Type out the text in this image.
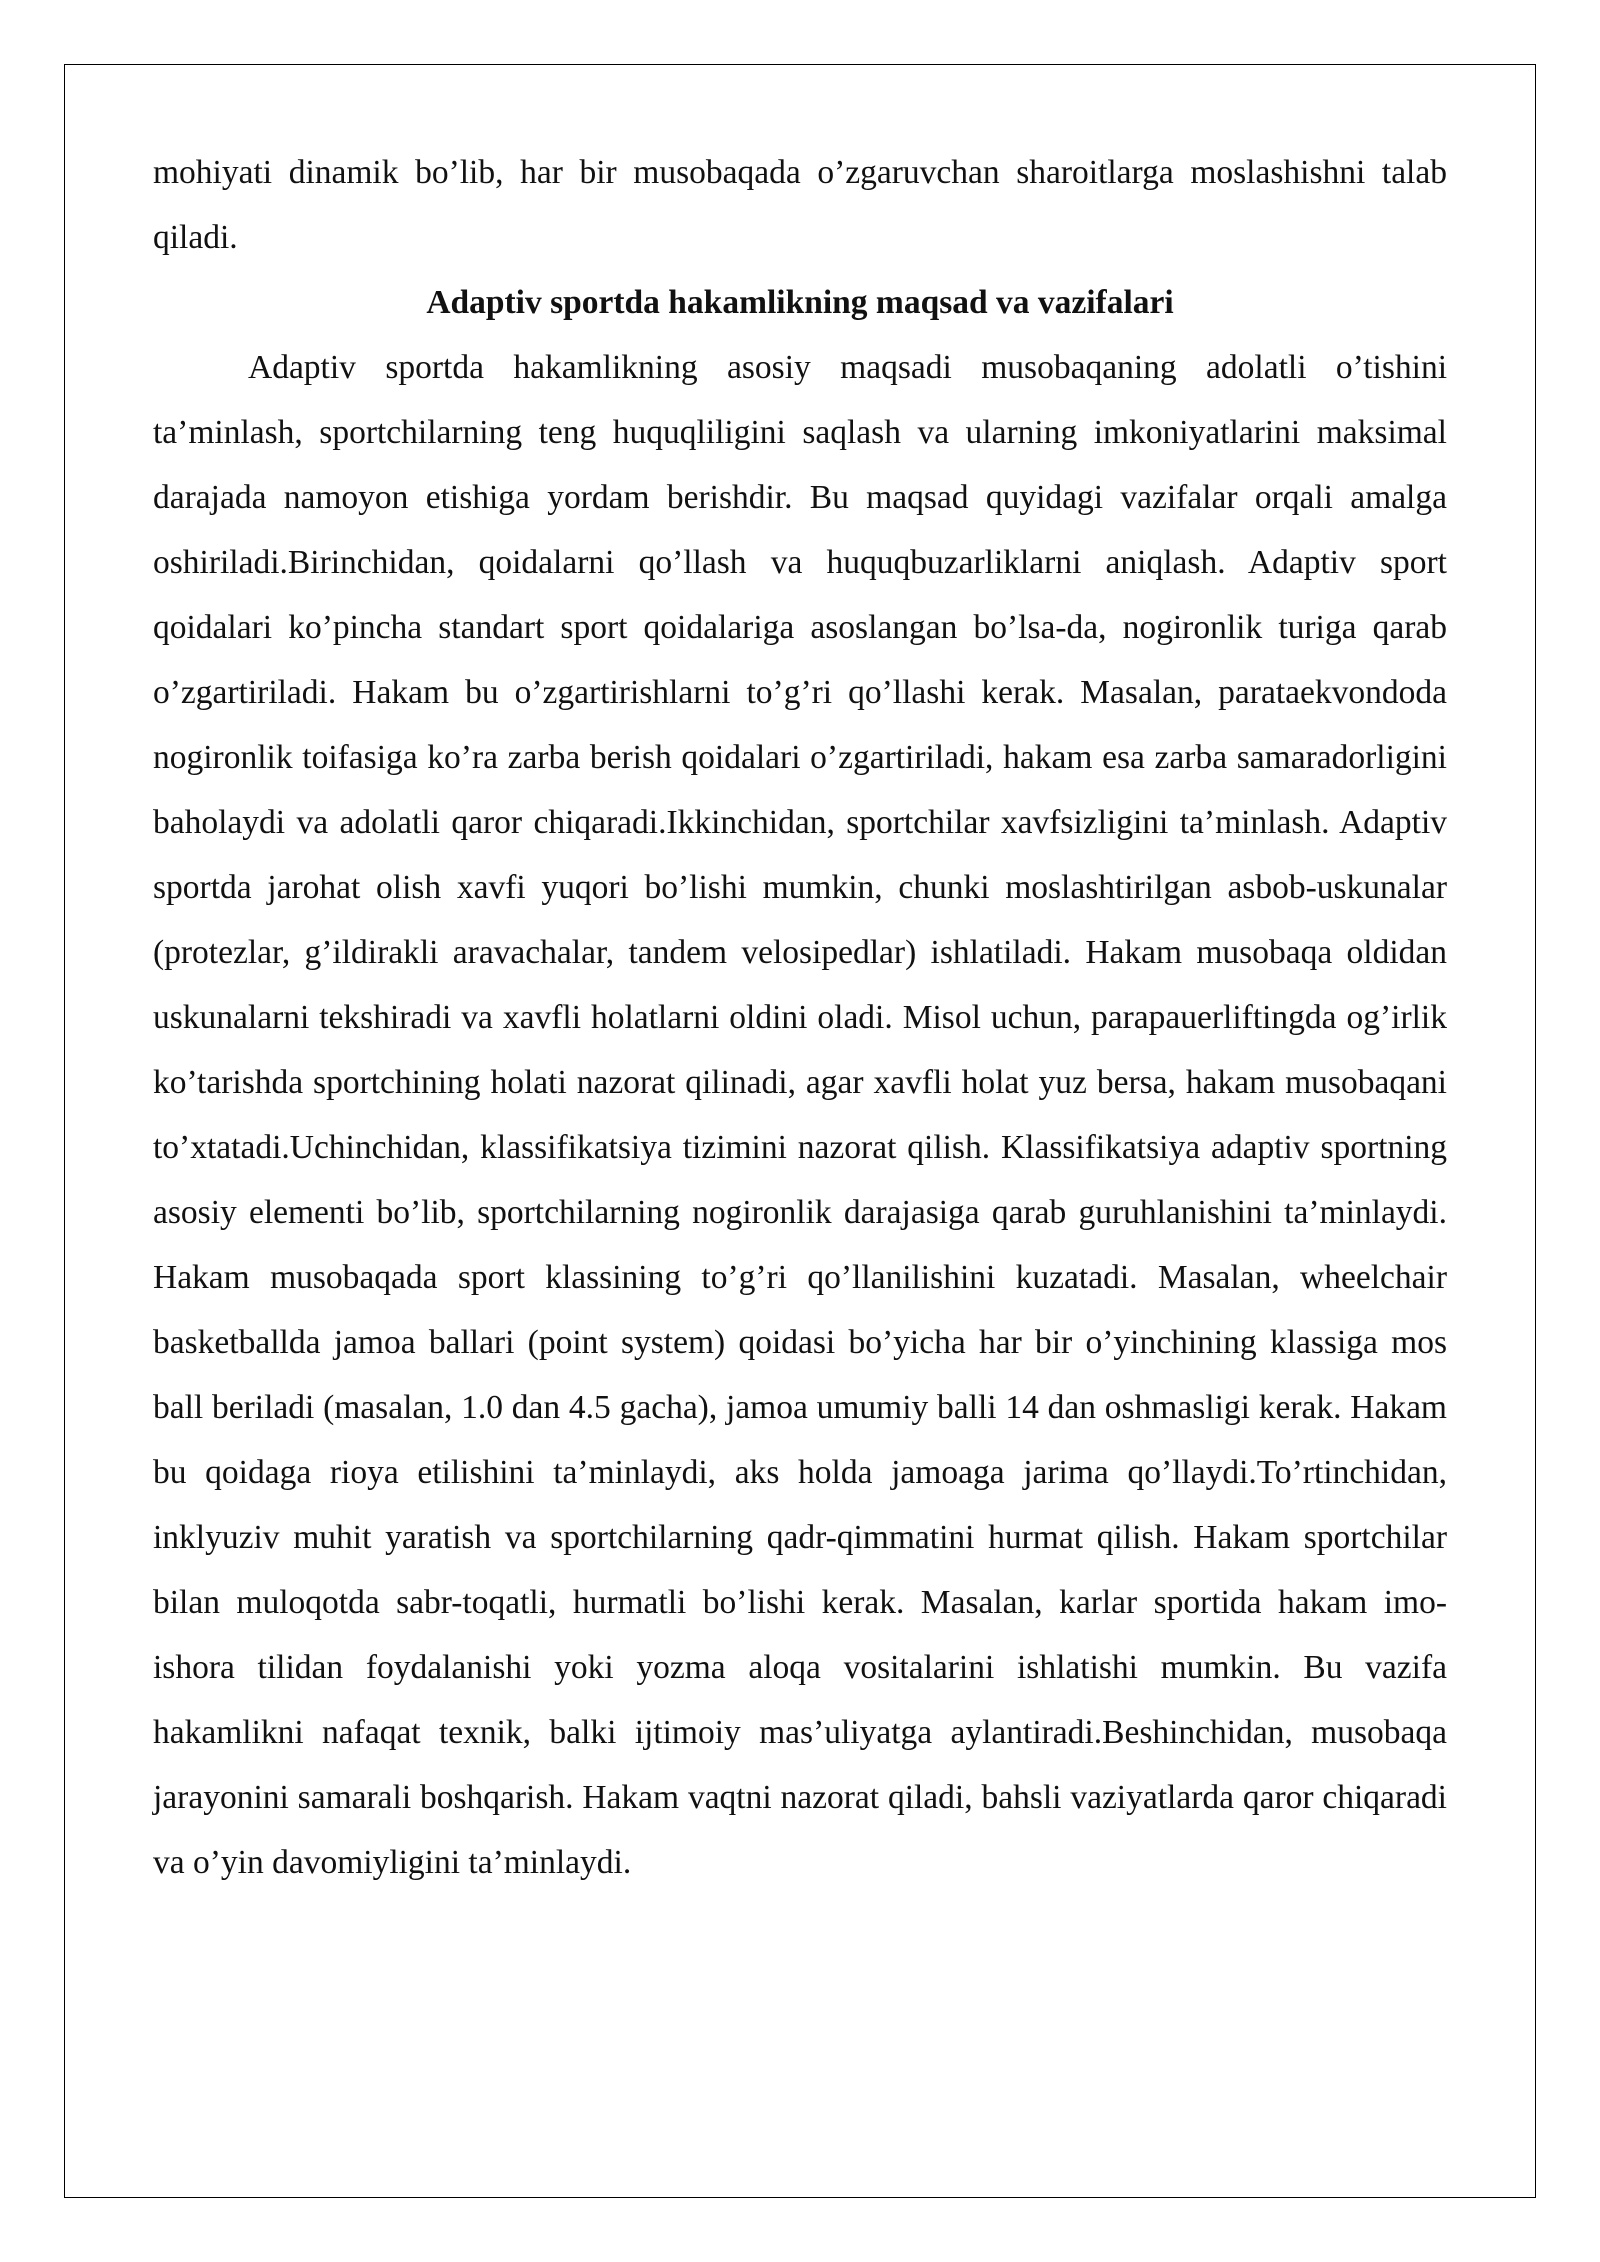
mohiyati dinamik bo’lib, har bir musobaqada o’zgaruvchan sharoitlarga moslashishni talab qiladi.

Adaptiv sportda hakamlikning maqsad va vazifalari

Adaptiv sportda hakamlikning asosiy maqsadi musobaqaning adolatli o’tishini ta’minlash, sportchilarning teng huquqliligini saqlash va ularning imkoniyatlarini maksimal darajada namoyon etishiga yordam berishdir. Bu maqsad quyidagi vazifalar orqali amalga oshiriladi.Birinchidan, qoidalarni qo’llash va huquqbuzarliklarni aniqlash. Adaptiv sport qoidalari ko’pincha standart sport qoidalariga asoslangan bo’lsa-da, nogironlik turiga qarab o’zgartiriladi. Hakam bu o’zgartirishlarni to’g’ri qo’llashi kerak. Masalan, parataekvondoda nogironlik toifasiga ko’ra zarba berish qoidalari o’zgartiriladi, hakam esa zarba samaradorligini baholaydi va adolatli qaror chiqaradi.Ikkinchidan, sportchilar xavfsizligini ta’minlash. Adaptiv sportda jarohat olish xavfi yuqori bo’lishi mumkin, chunki moslashtirilgan asbob-uskunalar (protezlar, g’ildirakli aravachalar, tandem velosipedlar) ishlatiladi. Hakam musobaqa oldidan uskunalarni tekshiradi va xavfli holatlarni oldini oladi. Misol uchun, parapauerliftingda og’irlik ko’tarishda sportchining holati nazorat qilinadi, agar xavfli holat yuz bersa, hakam musobaqani to’xtatadi.Uchinchidan, klassifikatsiya tizimini nazorat qilish. Klassifikatsiya adaptiv sportning asosiy elementi bo’lib, sportchilarning nogironlik darajasiga qarab guruhlanishini ta’minlaydi. Hakam musobaqada sport klassining to’g’ri qo’llanilishini kuzatadi. Masalan, wheelchair basketballda jamoa ballari (point system) qoidasi bo’yicha har bir o’yinchining klassiga mos ball beriladi (masalan, 1.0 dan 4.5 gacha), jamoa umumiy balli 14 dan oshmasligi kerak. Hakam bu qoidaga rioya etilishini ta’minlaydi, aks holda jamoaga jarima qo’llaydi.To’rtinchidan, inklyuziv muhit yaratish va sportchilarning qadr-qimmatini hurmat qilish. Hakam sportchilar bilan muloqotda sabr-toqatli, hurmatli bo’lishi kerak. Masalan, karlar sportida hakam imo-ishora tilidan foydalanishi yoki yozma aloqa vositalarini ishlatishi mumkin. Bu vazifa hakamlikni nafaqat texnik, balki ijtimoiy mas’uliyatga aylantiradi.Beshinchidan, musobaqa jarayonini samarali boshqarish. Hakam vaqtni nazorat qiladi, bahsli vaziyatlarda qaror chiqaradi va o’yin davomiyligini ta’minlaydi.
